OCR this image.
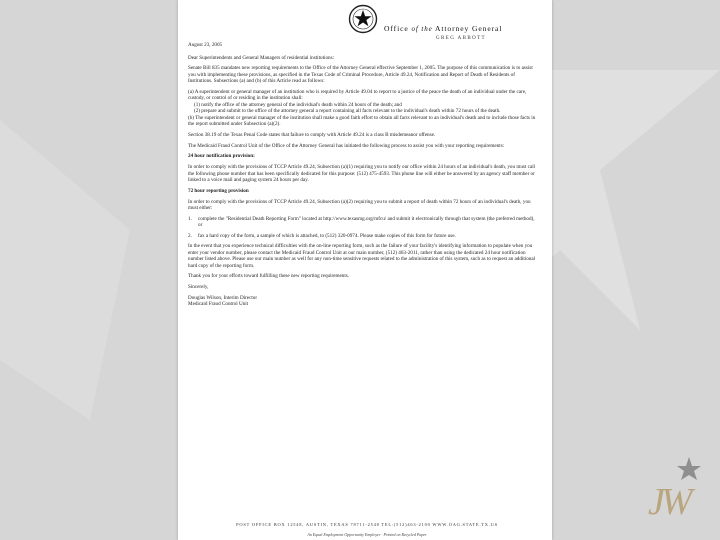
JW
Office of the Attorney General
GREG ABBOTT

August 23, 2005

Dear Superintendents and General Managers of residential institutions:

Senate Bill 835 mandates new reporting requirements to the Office of the Attorney General effective September 1, 2005. The purpose of this communication is to assist you with implementing these provisions, as specified in the Texas Code of Criminal Procedure, Article 49.24, Notification and Report of Death of Residents of Institutions. Subsections (a) and (b) of this Article read as follows:

(a) A superintendent or general manager of an institution who is required by Article 49.04 to report to a justice of the peace the death of an individual under the care, custody, or control of or residing in the institution shall:

(1) notify the office of the attorney general of the individual's death within 24 hours of the death; and
(2) prepare and submit to the office of the attorney general a report containing all facts relevant to the individual's death within 72 hours of the death.

(b) The superintendent or general manager of the institution shall make a good faith effort to obtain all facts relevant to an individual's death and to include those facts in the report submitted under Subsection (a)(2).

Section 38.19 of the Texas Penal Code states that failure to comply with Article 49.24 is a class B misdemeanor offense.

The Medicaid Fraud Control Unit of the Office of the Attorney General has initiated the following process to assist you with your reporting requirements:

24 hour notification provision:

In order to comply with the provisions of TCCP Article 49.24, Subsection (a)(1) requiring you to notify our office within 24 hours of an individual's death, you must call the following phone number that has been specifically dedicated for this purpose: (512) 475-4593. This phone line will either be answered by an agency staff member or linked to a voice mail and paging system 24 hours per day.

72 hour reporting provision

In order to comply with the provisions of TCCP Article 49.24, Subsection (a)(2) requiring you to submit a report of death within 72 hours of an individual's death, you must either:

1.	complete the "Residential Death Reporting Form" located at http://www.texasmg.org/mfcu/ and submit it electronically through that system (the preferred method), or
2.	fax a hard copy of the form, a sample of which is attached, to (512) 320-0974. Please make copies of this form for future use.

In the event that you experience technical difficulties with the on-line reporting form, such as the failure of your facility's identifying information to populate when you enter your vendor number, please contact the Medicaid Fraud Control Unit at our main number, (512) 463-2011, rather than using the dedicated 24 hour notification number listed above. Please use our main number as well for any non-time sensitive requests related to the administration of this system, such as to request an additional hard copy of the reporting form.

Thank you for your efforts toward fulfilling these new reporting requirements.

Sincerely,

Douglas Wilson, Interim Director

Medicaid Fraud Control Unit

POST OFFICE BOX 12548, AUSTIN, TEXAS 78711-2548 TEL:(512)463-2100 WWW.OAG.STATE.TX.US
An Equal Employment Opportunity Employer · Printed on Recycled Paper
